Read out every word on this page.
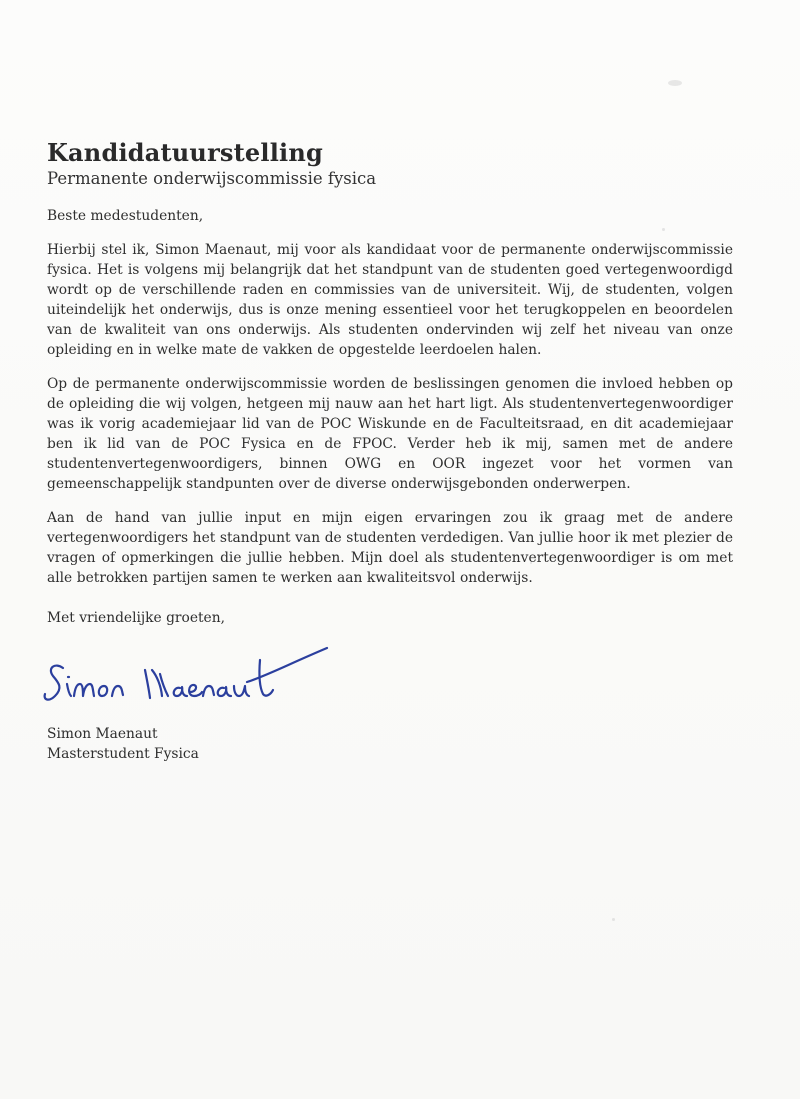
Kandidatuurstelling

Permanente onderwijscommissie fysica

Beste medestudenten,

Hierbij stel ik, Simon Maenaut, mij voor als kandidaat voor de permanente onderwijscommissie fysica. Het is volgens mij belangrijk dat het standpunt van de studenten goed vertegenwoordigd wordt op de verschillende raden en commissies van de universiteit. Wij, de studenten, volgen uiteindelijk het onderwijs, dus is onze mening essentieel voor het terugkoppelen en beoordelen van de kwaliteit van ons onderwijs. Als studenten ondervinden wij zelf het niveau van onze opleiding en in welke mate de vakken de opgestelde leerdoelen halen.

Op de permanente onderwijscommissie worden de beslissingen genomen die invloed hebben op de opleiding die wij volgen, hetgeen mij nauw aan het hart ligt. Als studentenvertegenwoordiger was ik vorig academiejaar lid van de POC Wiskunde en de Faculteitsraad, en dit academiejaar ben ik lid van de POC Fysica en de FPOC. Verder heb ik mij, samen met de andere studentenvertegenwoordigers, binnen OWG en OOR ingezet voor het vormen van gemeenschappelijk standpunten over de diverse onderwijsgebonden onderwerpen.

Aan de hand van jullie input en mijn eigen ervaringen zou ik graag met de andere vertegenwoordigers het standpunt van de studenten verdedigen. Van jullie hoor ik met plezier de vragen of opmerkingen die jullie hebben. Mijn doel als studentenvertegenwoordiger is om met alle betrokken partijen samen te werken aan kwaliteitsvol onderwijs.

Met vriendelijke groeten,

Simon Maenaut

Masterstudent Fysica
